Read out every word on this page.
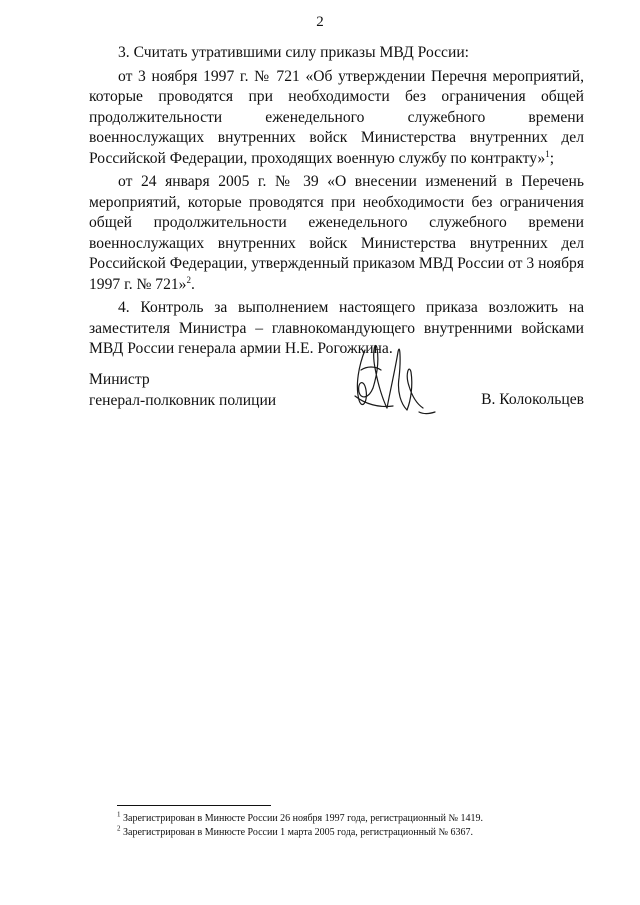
2

3. Считать утратившими силу приказы МВД России:

от 3 ноября 1997 г. № 721 «Об утверждении Перечня мероприятий, которые проводятся при необходимости без ограничения общей продолжительности еженедельного служебного времени военнослужащих внутренних войск Министерства внутренних дел Российской Федерации, проходящих военную службу по контракту»$^1$;

от 24 января 2005 г. № 39 «О внесении изменений в Перечень мероприятий, которые проводятся при необходимости без ограничения общей продолжительности еженедельного служебного времени военнослужащих внутренних войск Министерства внутренних дел Российской Федерации, утвержденный приказом МВД России от 3 ноября 1997 г. № 721»$^2$.

4. Контроль за выполнением настоящего приказа возложить на заместителя Министра – главнокомандующего внутренними войсками МВД России генерала армии Н.Е. Рогожкина.

Министр
генерал-полковник полиции	В. Колокольцев

$^1$ Зарегистрирован в Минюсте России 26 ноября 1997 года, регистрационный № 1419.

$^2$ Зарегистрирован в Минюсте России 1 марта 2005 года, регистрационный № 6367.
